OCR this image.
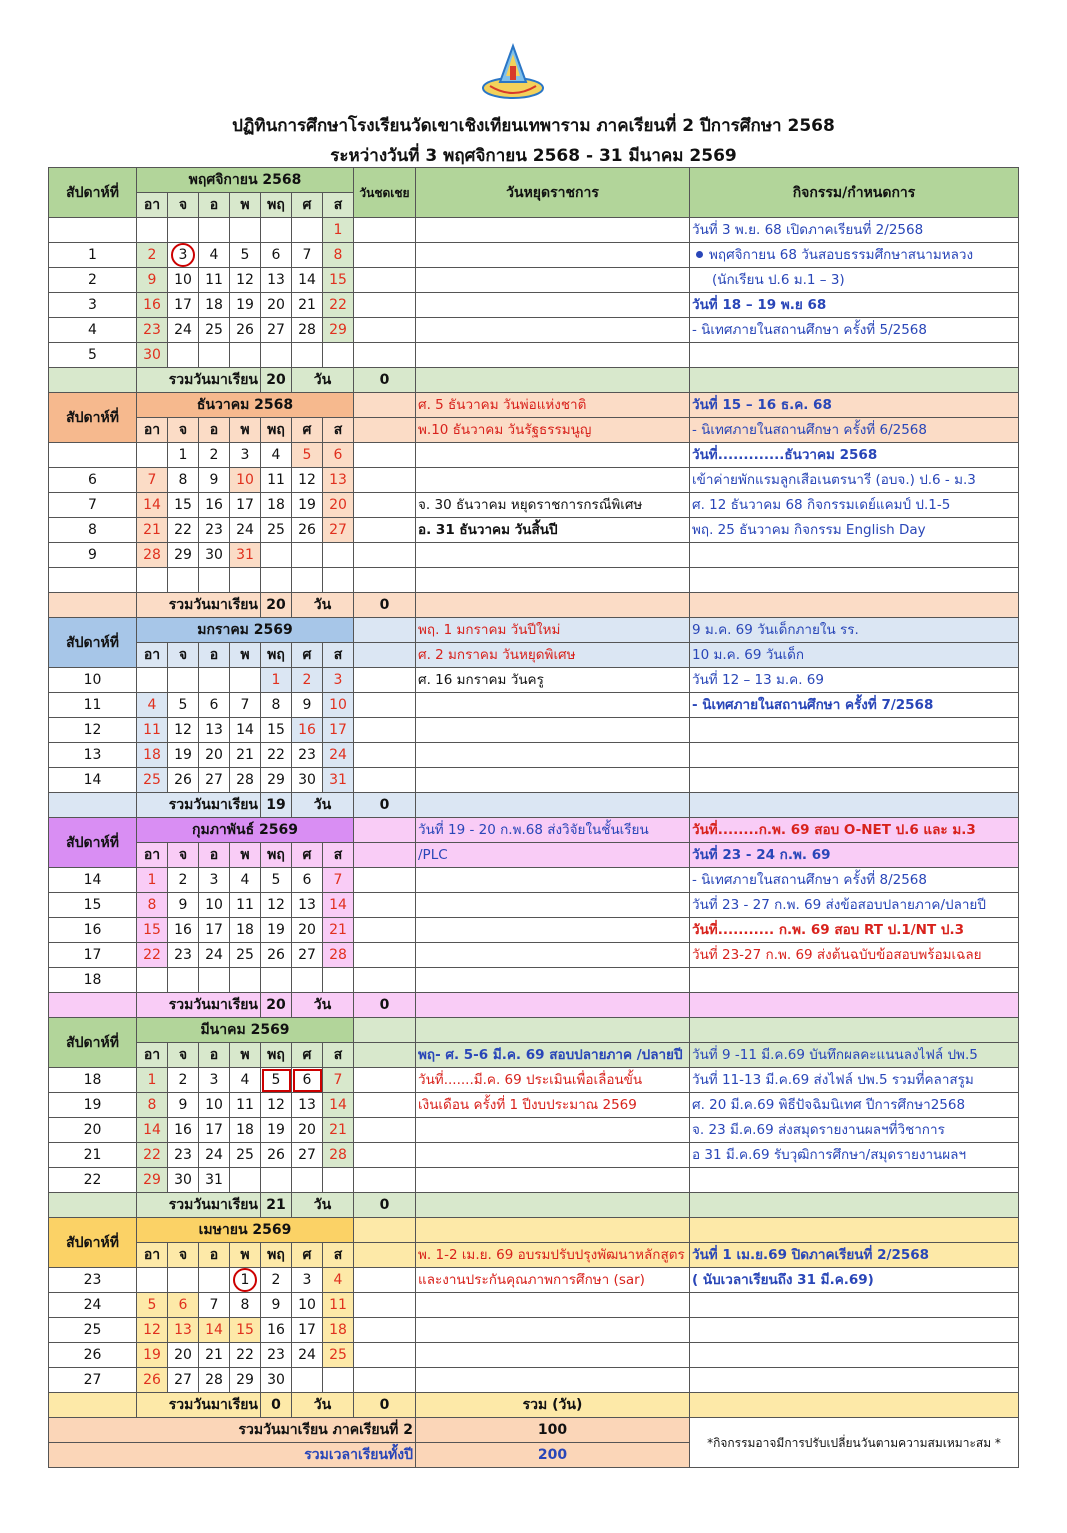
ปฏิทินการศึกษาโรงเรียนวัดเขาเชิงเทียนเทพาราม ภาคเรียนที่ 2 ปีการศึกษา 2568
ระหว่างวันที่ 3 พฤศจิกายน 2568 - 31 มีนาคม 2569
สัปดาห์ที่	พฤศจิกายน 2568							วันชดเชย	วันหยุดราชการ	กิจกรรม/กำหนดการ
	อา	จ	อ	พ	พฤ	ศ	ส			
							1			วันที่ 3 พ.ย. 68 เปิดภาคเรียนที่ 2/2568
1	2	3	4	5	6	7	8			พฤศจิกายน 68 วันสอบธรรมศึกษาสนามหลวง
2	9	10	11	12	13	14	15			(นักเรียน ป.6 ม.1 – 3)
3	16	17	18	19	20	21	22			วันที่ 18 – 19 พ.ย 68
4	23	24	25	26	27	28	29			- นิเทศภายในสถานศึกษา ครั้งที่ 5/2568
5	30									
	รวมวันมาเรียน				20	วัน		0		
สัปดาห์ที่	ธันวาคม 2568								ศ. 5 ธันวาคม วันพ่อแห่งชาติ	วันที่ 15 – 16 ธ.ค. 68
	อา	จ	อ	พ	พฤ	ศ	ส		พ.10 ธันวาคม วันรัฐธรรมนูญ	- นิเทศภายในสถานศึกษา ครั้งที่ 6/2568
		1	2	3	4	5	6			วันที่.............ธันวาคม 2568
6	7	8	9	10	11	12	13			เข้าค่ายพักแรมลูกเสือเนตรนารี (อบจ.) ป.6 - ม.3
7	14	15	16	17	18	19	20		จ. 30 ธันวาคม หยุดราชการกรณีพิเศษ	ศ. 12 ธันวาคม 68 กิจกรรมเดย์แคมป์ ป.1-5
8	21	22	23	24	25	26	27		อ. 31 ธันวาคม วันสิ้นปี	พฤ. 25 ธันวาคม กิจกรรม English Day
9	28	29	30	31						

	รวมวันมาเรียน				20	วัน		0		
สัปดาห์ที่	มกราคม 2569								พฤ. 1 มกราคม วันปีใหม่	9 ม.ค. 69 วันเด็กภายใน รร.
	อา	จ	อ	พ	พฤ	ศ	ส		ศ. 2 มกราคม วันหยุดพิเศษ	10 ม.ค. 69 วันเด็ก
10					1	2	3		ศ. 16 มกราคม วันครู	วันที่ 12 – 13 ม.ค. 69
11	4	5	6	7	8	9	10			- นิเทศภายในสถานศึกษา ครั้งที่ 7/2568
12	11	12	13	14	15	16	17			
13	18	19	20	21	22	23	24			
14	25	26	27	28	29	30	31			
	รวมวันมาเรียน				19	วัน		0		
สัปดาห์ที่	กุมภาพันธ์ 2569								วันที่ 19 - 20 ก.พ.68 ส่งวิจัยในชั้นเรียน	วันที่........ก.พ. 69 สอบ O-NET ป.6 และ ม.3
	อา	จ	อ	พ	พฤ	ศ	ส		/PLC	วันที่ 23 - 24 ก.พ. 69
14	1	2	3	4	5	6	7			- นิเทศภายในสถานศึกษา ครั้งที่ 8/2568
15	8	9	10	11	12	13	14			วันที่ 23 - 27 ก.พ. 69 ส่งข้อสอบปลายภาค/ปลายปี
16	15	16	17	18	19	20	21			วันที่........... ก.พ. 69 สอบ RT ป.1/NT ป.3
17	22	23	24	25	26	27	28			วันที่ 23-27 ก.พ. 69 ส่งต้นฉบับข้อสอบพร้อมเฉลย
18										
	รวมวันมาเรียน				20	วัน		0		
สัปดาห์ที่	มีนาคม 2569									
	อา	จ	อ	พ	พฤ	ศ	ส		พฤ- ศ. 5-6 มี.ค. 69 สอบปลายภาค /ปลายปี	วันที่ 9 -11 มี.ค.69 บันทึกผลคะแนนลงไฟล์ ปพ.5
18	1	2	3	4	5	6	7		วันที่.......มี.ค. 69 ประเมินเพื่อเลื่อนขั้น	วันที่ 11-13 มี.ค.69 ส่งไฟล์ ปพ.5 รวมที่คลาสรูม
19	8	9	10	11	12	13	14		เงินเดือน ครั้งที่ 1 ปีงบประมาณ 2569	ศ. 20 มี.ค.69 พิธีปัจฉิมนิเทศ ปีการศึกษา2568
20	14	16	17	18	19	20	21			จ. 23 มี.ค.69 ส่งสมุดรายงานผลฯที่วิชาการ
21	22	23	24	25	26	27	28			อ 31 มี.ค.69 รับวุฒิการศึกษา/สมุดรายงานผลฯ
22	29	30	31							
	รวมวันมาเรียน				21	วัน		0		
สัปดาห์ที่	เมษายน 2569									
	อา	จ	อ	พ	พฤ	ศ	ส		พ. 1-2 เม.ย. 69 อบรมปรับปรุงพัฒนาหลักสูตร	วันที่ 1 เม.ย.69 ปิดภาคเรียนที่ 2/2568
23				1	2	3	4		และงานประกันคุณภาพการศึกษา (sar)	( นับเวลาเรียนถึง 31 มี.ค.69)
24	5	6	7	8	9	10	11			
25	12	13	14	15	16	17	18			
26	19	20	21	22	23	24	25			
27	26	27	28	29	30					
	รวมวันมาเรียน				0	วัน		0	รวม (วัน)	
รวมวันมาเรียน ภาคเรียนที่ 2									100	*กิจกรรมอาจมีการปรับเปลี่ยนวันตามความสมเหมาะสม *
รวมเวลาเรียนทั้งปี									200	
